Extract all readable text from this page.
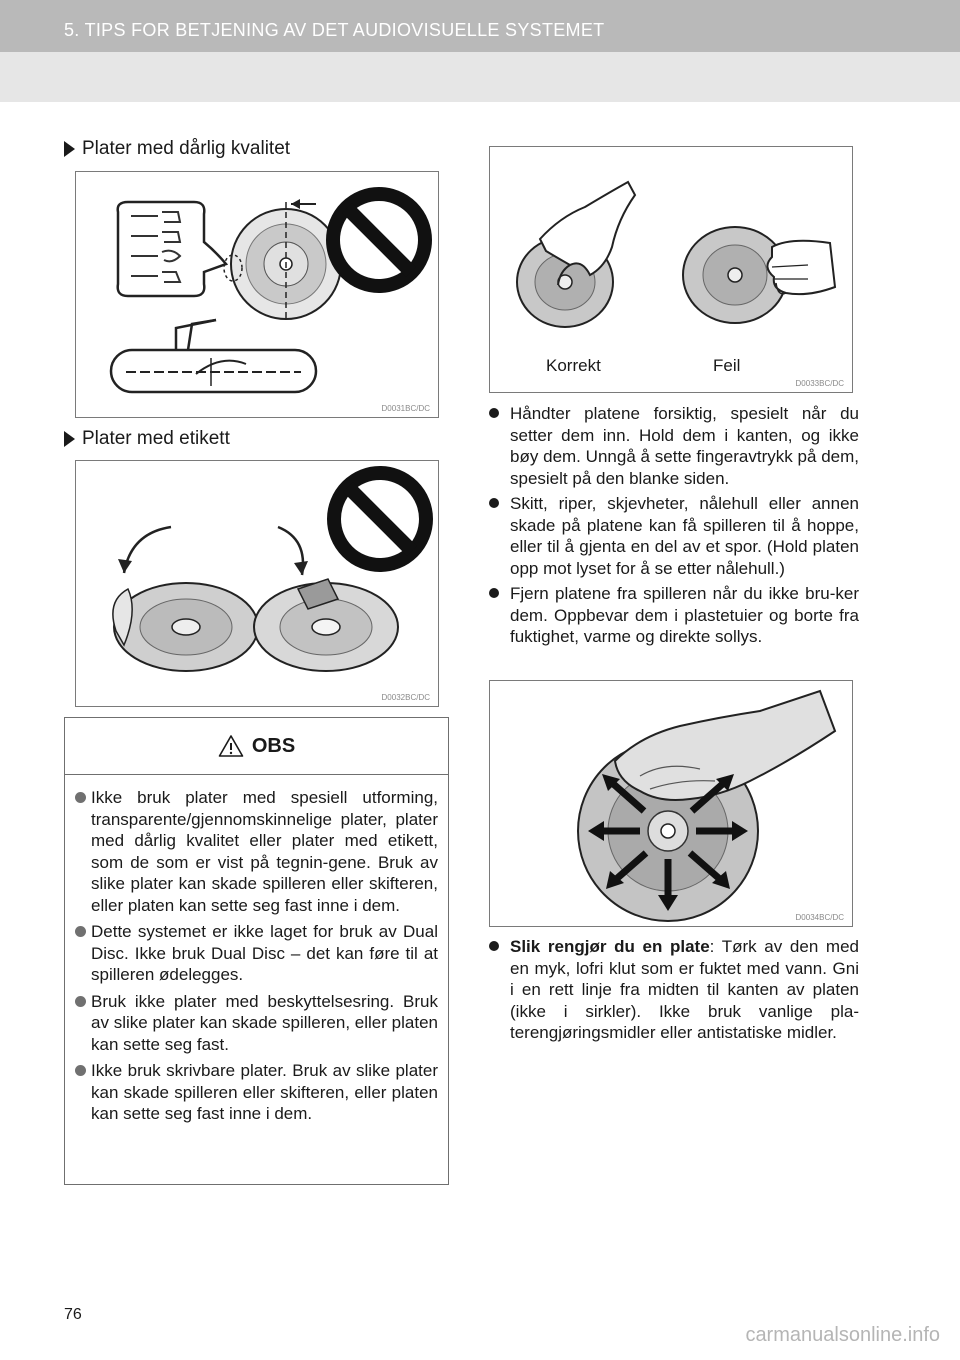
5. TIPS FOR BETJENING AV DET AUDIOVISUELLE SYSTEMET
Plater med dårlig kvalitet
D0031BC/DC
Plater med etikett
D0032BC/DC
OBS
Ikke bruk plater med spesiell utforming, transparente/gjennomskinnelige plater, plater med dårlig kvalitet eller plater med etikett, som de som er vist på tegnin-gene. Bruk av slike plater kan skade spilleren eller skifteren, eller platen kan sette seg fast inne i dem.
Dette systemet er ikke laget for bruk av Dual Disc. Ikke bruk Dual Disc – det kan føre til at spilleren ødelegges.
Bruk ikke plater med beskyttelsesring. Bruk av slike plater kan skade spilleren, eller platen kan sette seg fast.
Ikke bruk skrivbare plater. Bruk av slike plater kan skade spilleren eller skifteren, eller platen kan sette seg fast inne i dem.
Korrekt	Feil
D0033BC/DC
Håndter platene forsiktig, spesielt når du setter dem inn. Hold dem i kanten, og ikke bøy dem. Unngå å sette fingeravtrykk på dem, spesielt på den blanke siden.
Skitt, riper, skjevheter, nålehull eller annen skade på platene kan få spilleren til å hoppe, eller til å gjenta en del av et spor. (Hold platen opp mot lyset for å se etter nålehull.)
Fjern platene fra spilleren når du ikke bru-ker dem. Oppbevar dem i plastetuier og borte fra fuktighet, varme og direkte sollys.
D0034BC/DC
Slik rengjør du en plate: Tørk av den med en myk, lofri klut som er fuktet med vann. Gni i en rett linje fra midten til kanten av platen (ikke i sirkler). Ikke bruk vanlige pla-terengjøringsmidler eller antistatiske midler.
76
carmanualsonline.info
